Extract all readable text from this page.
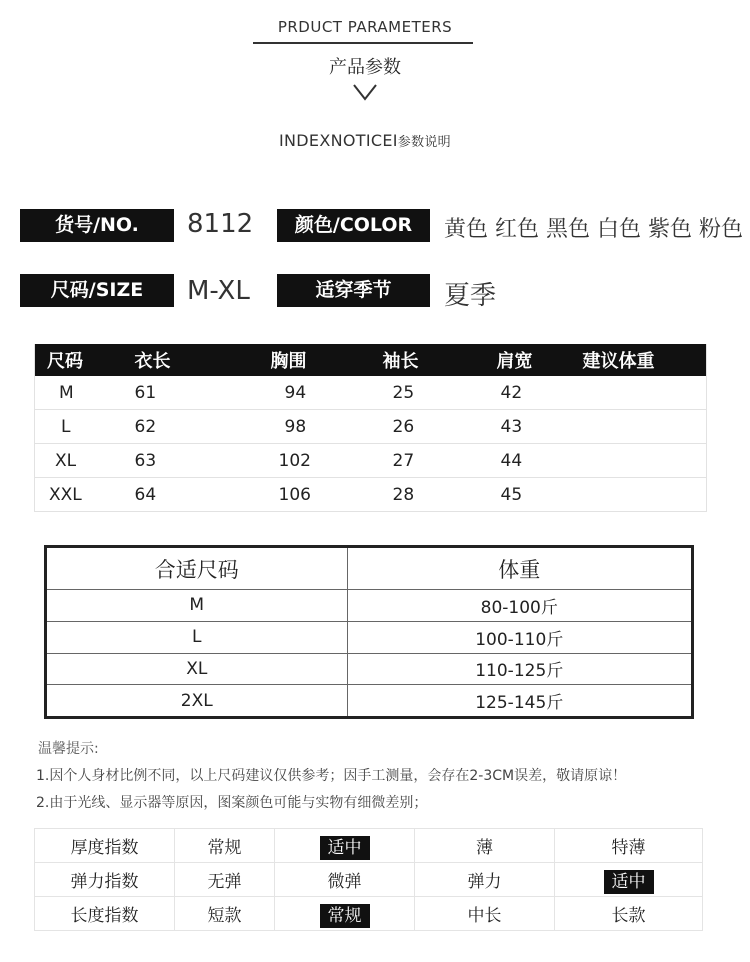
PRDUCT PARAMETERS
产品参数
INDEXNOTICEI参数说明
货号/NO.	8112	颜色/COLOR	黄色 红色 黑色 白色 紫色 粉色
尺码/SIZE	M-XL	适穿季节	夏季
尺码	衣长	胸围	袖长	肩宽	建议体重
M	61	94	25	42	
L	62	98	26	43	
XL	63	102	27	44	
XXL	64	106	28	45	
合适尺码	体重
M	80-100斤
L	100-110斤
XL	110-125斤
2XL	125-145斤
温馨提示:
1.因个人身材比例不同，以上尺码建议仅供参考；因手工测量，会存在2-3CM误差，敬请原谅！
2.由于光线、显示器等原因，图案颜色可能与实物有细微差别；
厚度指数	常规	适中	薄	特薄
弹力指数	无弹	微弹	弹力	适中
长度指数	短款	常规	中长	长款
